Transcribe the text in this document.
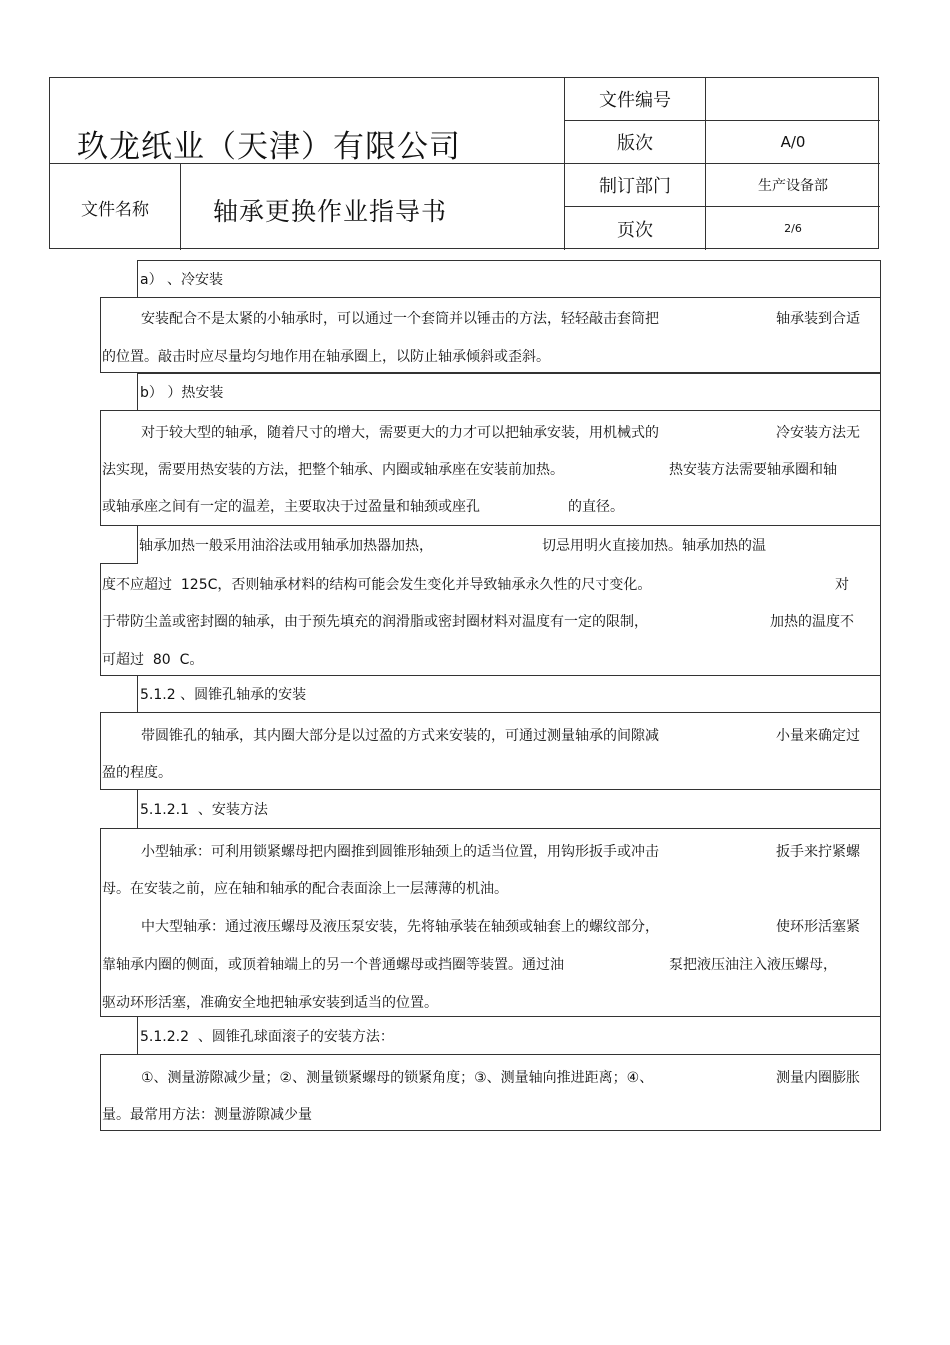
玖龙纸业（天津）有限公司
文件名称	轴承更换作业指导书
文件编号
版次	A/0
制订部门	生产设备部
页次	2/6
a） 、冷安装
安装配合不是太紧的小轴承时，可以通过一个套筒并以锤击的方法，轻轻敲击套筒把	轴承装到合适
的位置。敲击时应尽量均匀地作用在轴承圈上，以防止轴承倾斜或歪斜。
b） ）热安装
对于较大型的轴承，随着尺寸的增大，需要更大的力才可以把轴承安装，用机械式的	冷安装方法无
法实现，需要用热安装的方法，把整个轴承、内圈或轴承座在安装前加热。	热安装方法需要轴承圈和轴
或轴承座之间有一定的温差，主要取决于过盈量和轴颈或座孔	的直径。
轴承加热一般采用油浴法或用轴承加热器加热，	切忌用明火直接加热。轴承加热的温
度不应超过  125C，否则轴承材料的结构可能会发生变化并导致轴承永久性的尺寸变化。	对
于带防尘盖或密封圈的轴承，由于预先填充的润滑脂或密封圈材料对温度有一定的限制，	加热的温度不
可超过  80  C。
5.1.2 、圆锥孔轴承的安装
带圆锥孔的轴承，其内圈大部分是以过盈的方式来安装的，可通过测量轴承的间隙减	小量来确定过
盈的程度。
5.1.2.1  、安装方法
小型轴承：可利用锁紧螺母把内圈推到圆锥形轴颈上的适当位置，用钩形扳手或冲击	扳手来拧紧螺
母。在安装之前，应在轴和轴承的配合表面涂上一层薄薄的机油。
中大型轴承：通过液压螺母及液压泵安装，先将轴承装在轴颈或轴套上的螺纹部分，	使环形活塞紧
靠轴承内圈的侧面，或顶着轴端上的另一个普通螺母或挡圈等装置。通过油	泵把液压油注入液压螺母，
驱动环形活塞，准确安全地把轴承安装到适当的位置。
5.1.2.2  、圆锥孔球面滚子的安装方法：
①、测量游隙减少量；②、测量锁紧螺母的锁紧角度；③、测量轴向推进距离；④、	测量内圈膨胀
量。最常用方法：测量游隙减少量
